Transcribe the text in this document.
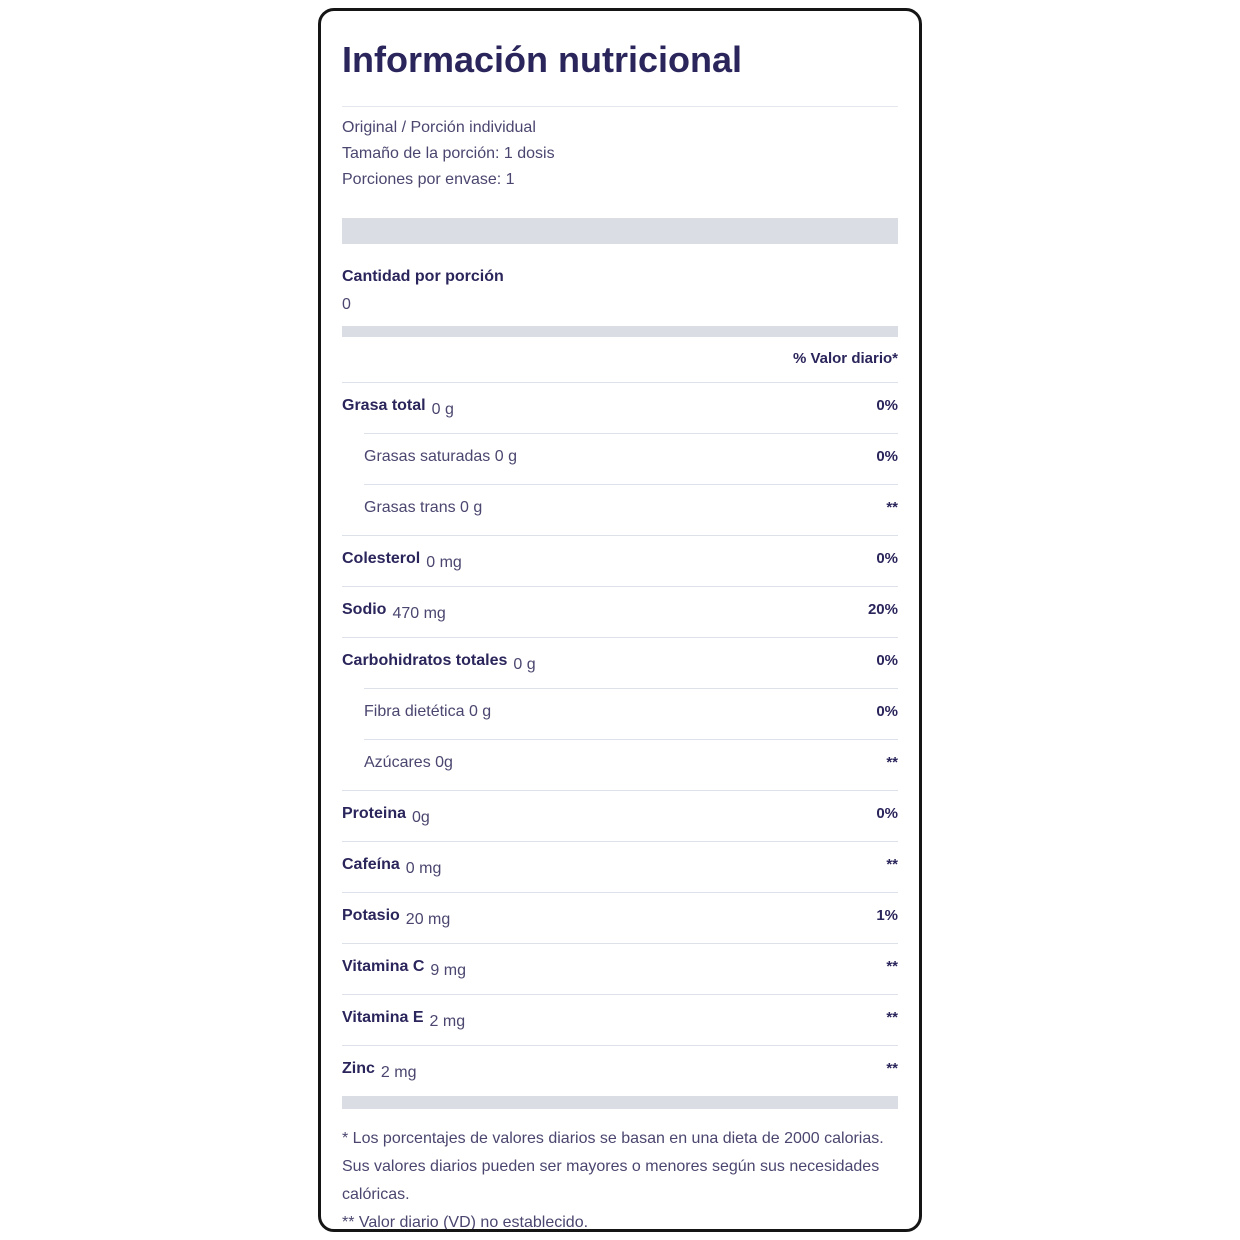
Información nutricional

Original / Porción individual

Tamaño de la porción: 1 dosis

Porciones por envase: 1

Cantidad por porción

0

% Valor diario*

Grasa total 0 g	0%
Grasas saturadas 0 g	0%
Grasas trans 0 g	**
Colesterol 0 mg	0%
Sodio 470 mg	20%
Carbohidratos totales 0 g	0%
Fibra dietética 0 g	0%
Azúcares 0g	**
Proteina 0g	0%
Cafeína 0 mg	**
Potasio 20 mg	1%
Vitamina C 9 mg	**
Vitamina E 2 mg	**
Zinc 2 mg	**

* Los porcentajes de valores diarios se basan en una dieta de 2000 calorias. Sus valores diarios pueden ser mayores o menores según sus necesidades calóricas.

** Valor diario (VD) no establecido.
